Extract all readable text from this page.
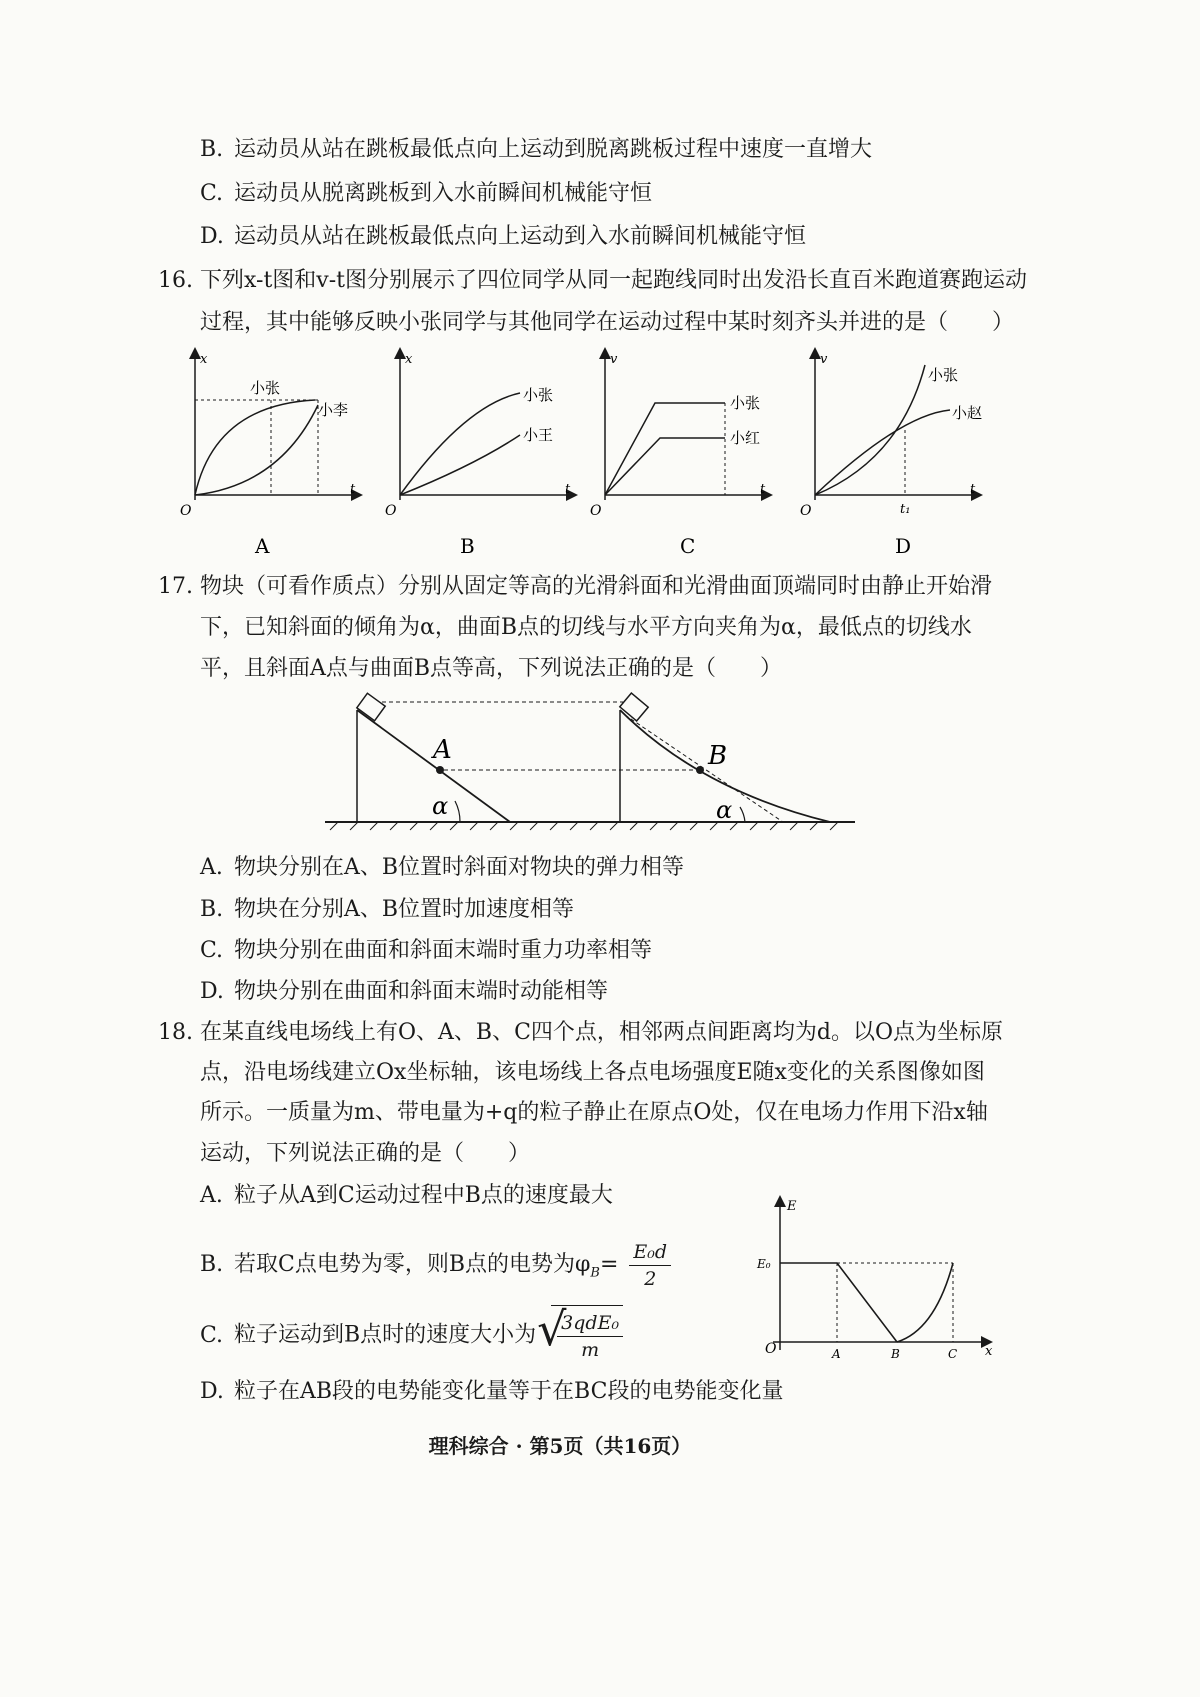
B. 运动员从站在跳板最低点向上运动到脱离跳板过程中速度一直增大
C. 运动员从脱离跳板到入水前瞬间机械能守恒
D. 运动员从站在跳板最低点向上运动到入水前瞬间机械能守恒
16. 下列x-t图和v-t图分别展示了四位同学从同一起跑线同时出发沿长直百米跑道赛跑运动
过程，其中能够反映小张同学与其他同学在运动过程中某时刻齐头并进的是（　　）
x
t
O
小张
小李
A
x
t
O
小张
小王
B
v
t
O
小张
小红
C
v
t
O	t₁
小张
小赵
D
17. 物块（可看作质点）分别从固定等高的光滑斜面和光滑曲面顶端同时由静止开始滑
下，已知斜面的倾角为α，曲面B点的切线与水平方向夹角为α，最低点的切线水
平，且斜面A点与曲面B点等高，下列说法正确的是（　　）
A	B
α	α
A. 物块分别在A、B位置时斜面对物块的弹力相等
B. 物块在分别A、B位置时加速度相等
C. 物块分别在曲面和斜面末端时重力功率相等
D. 物块分别在曲面和斜面末端时动能相等
18. 在某直线电场线上有O、A、B、C四个点，相邻两点间距离均为d。以O点为坐标原
点，沿电场线建立Ox坐标轴，该电场线上各点电场强度E随x变化的关系图像如图
所示。一质量为m、带电量为+q的粒子静止在原点O处，仅在电场力作用下沿x轴
运动，下列说法正确的是（　　）
A. 粒子从A到C运动过程中B点的速度最大
B. 若取C点电势为零，则B点的电势为$\varphi_B= \frac{\text{E₀d}}{2}$
C. 粒子运动到B点时的速度大小为 √
$\frac{\text{3qdE₀}}{m}$
D. 粒子在AB段的电势能变化量等于在BC段的电势能变化量
E
x
O
E₀
A	B	C
理科综合 · 第5页（共16页）
